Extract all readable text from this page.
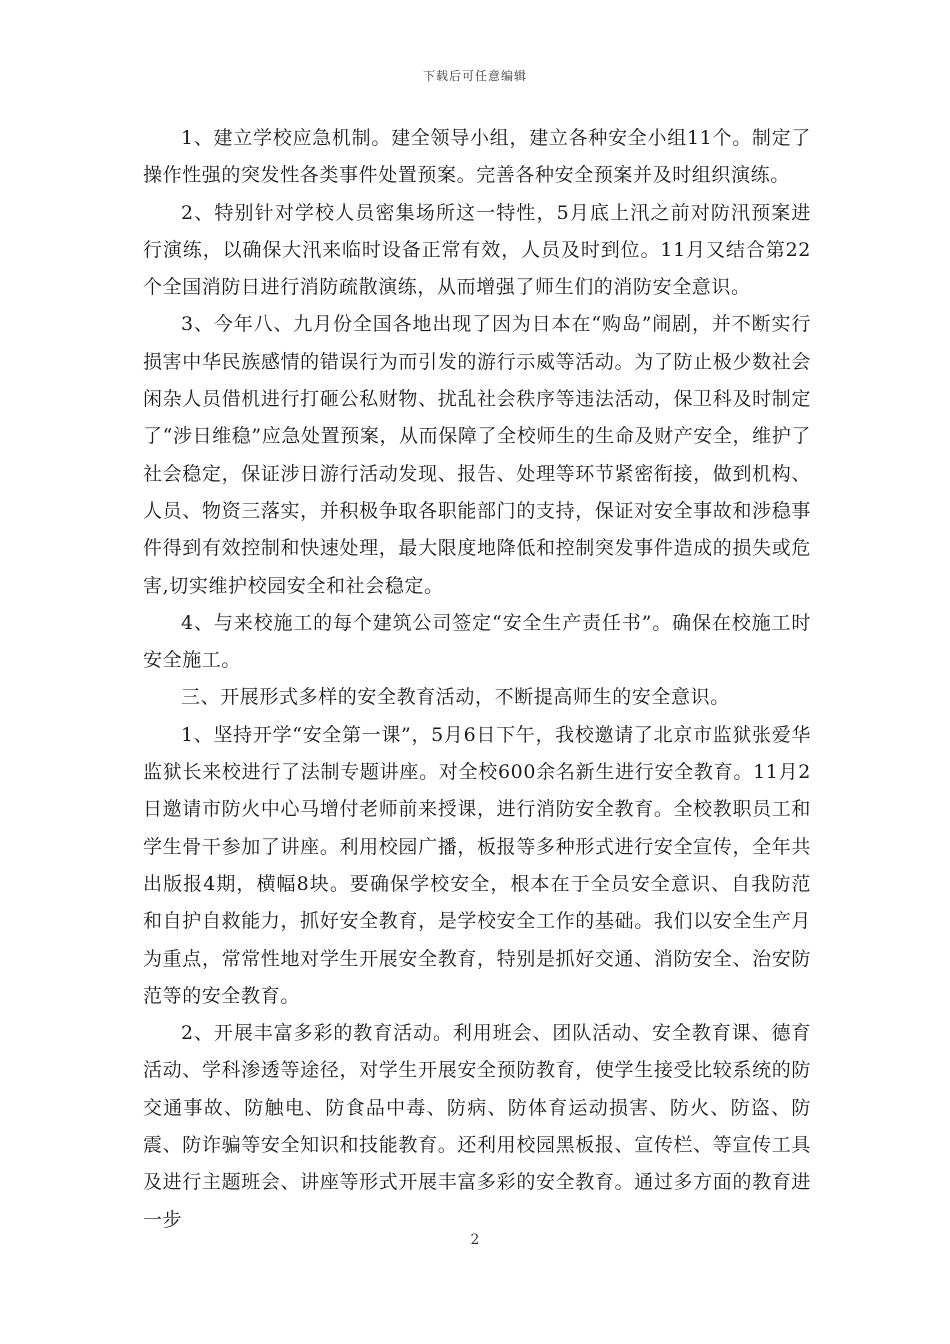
下载后可任意编辑

1、建立学校应急机制。建全领导小组，建立各种安全小组11个。制定了操作性强的突发性各类事件处置预案。完善各种安全预案并及时组织演练。

2、特别针对学校人员密集场所这一特性，5月底上汛之前对防汛预案进行演练，以确保大汛来临时设备正常有效，人员及时到位。11月又结合第22个全国消防日进行消防疏散演练，从而增强了师生们的消防安全意识。

3、今年八、九月份全国各地出现了因为日本在“购岛”闹剧，并不断实行损害中华民族感情的错误行为而引发的游行示威等活动。为了防止极少数社会闲杂人员借机进行打砸公私财物、扰乱社会秩序等违法活动，保卫科及时制定了“涉日维稳”应急处置预案，从而保障了全校师生的生命及财产安全，维护了社会稳定，保证涉日游行活动发现、报告、处理等环节紧密衔接，做到机构、人员、物资三落实，并积极争取各职能部门的支持，保证对安全事故和涉稳事件得到有效控制和快速处理，最大限度地降低和控制突发事件造成的损失或危害,切实维护校园安全和社会稳定。

4、与来校施工的每个建筑公司签定“安全生产责任书”。确保在校施工时安全施工。

三、开展形式多样的安全教育活动，不断提高师生的安全意识。

1、坚持开学“安全第一课”，5月6日下午，我校邀请了北京市监狱张爱华监狱长来校进行了法制专题讲座。对全校600余名新生进行安全教育。11月2日邀请市防火中心马增付老师前来授课，进行消防安全教育。全校教职员工和学生骨干参加了讲座。利用校园广播，板报等多种形式进行安全宣传，全年共出版报4期，横幅8块。要确保学校安全，根本在于全员安全意识、自我防范和自护自救能力，抓好安全教育，是学校安全工作的基础。我们以安全生产月为重点，常常性地对学生开展安全教育，特别是抓好交通、消防安全、治安防范等的安全教育。

2、开展丰富多彩的教育活动。利用班会、团队活动、安全教育课、德育活动、学科渗透等途径，对学生开展安全预防教育，使学生接受比较系统的防交通事故、防触电、防食品中毒、防病、防体育运动损害、防火、防盗、防震、防诈骗等安全知识和技能教育。还利用校园黑板报、宣传栏、等宣传工具及进行主题班会、讲座等形式开展丰富多彩的安全教育。通过多方面的教育进一步

2
